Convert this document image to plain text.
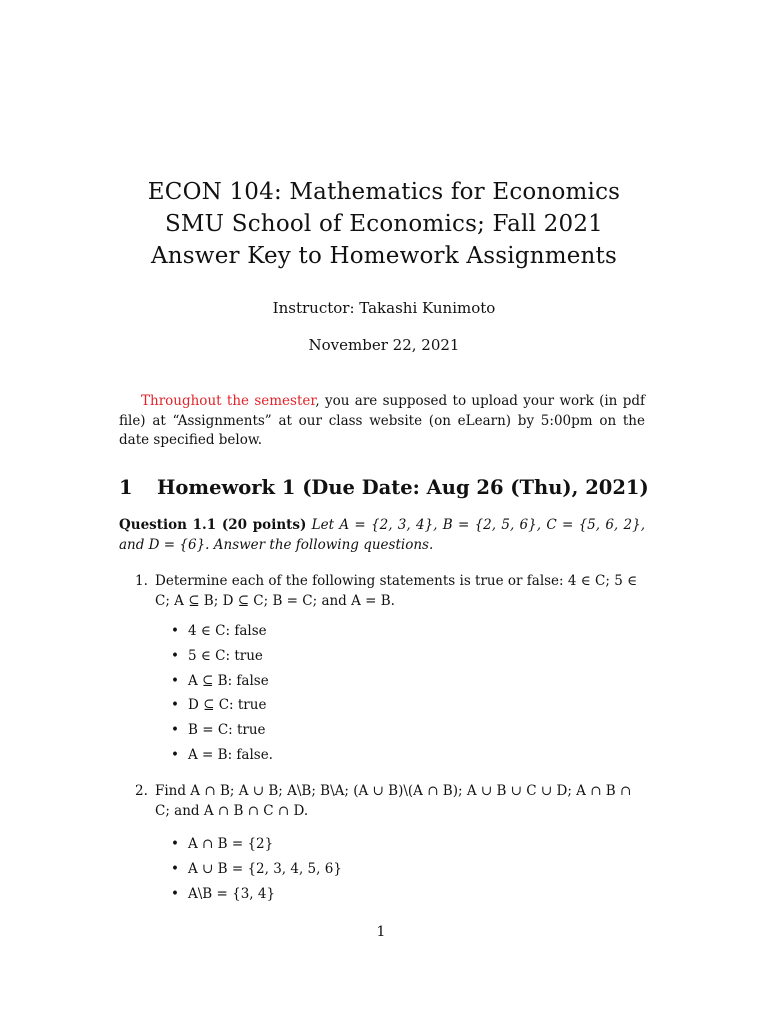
ECON 104: Mathematics for Economics
SMU School of Economics; Fall 2021
Answer Key to Homework Assignments
Instructor: Takashi Kunimoto
November 22, 2021

Throughout the semester, you are supposed to upload your work (in pdf file) at “Assignments” at our class website (on eLearn) by 5:00pm on the date specified below.

1 Homework 1 (Due Date: Aug 26 (Thu), 2021)

Question 1.1 (20 points) Let A = {2, 3, 4}, B = {2, 5, 6}, C = {5, 6, 2}, and D = {6}. Answer the following questions.

1. Determine each of the following statements is true or false: 4 ∈ C; 5 ∈ C; A ⊆ B; D ⊆ C; B = C; and A = B.
• 4 ∈ C: false
• 5 ∈ C: true
• A ⊆ B: false
• D ⊆ C: true
• B = C: true
• A = B: false.
2. Find A ∩ B; A ∪ B; A\B; B\A; (A ∪ B)\(A ∩ B); A ∪ B ∪ C ∪ D; A ∩ B ∩ C; and A ∩ B ∩ C ∩ D.
• A ∩ B = {2}
• A ∪ B = {2, 3, 4, 5, 6}
• A\B = {3, 4}
1
